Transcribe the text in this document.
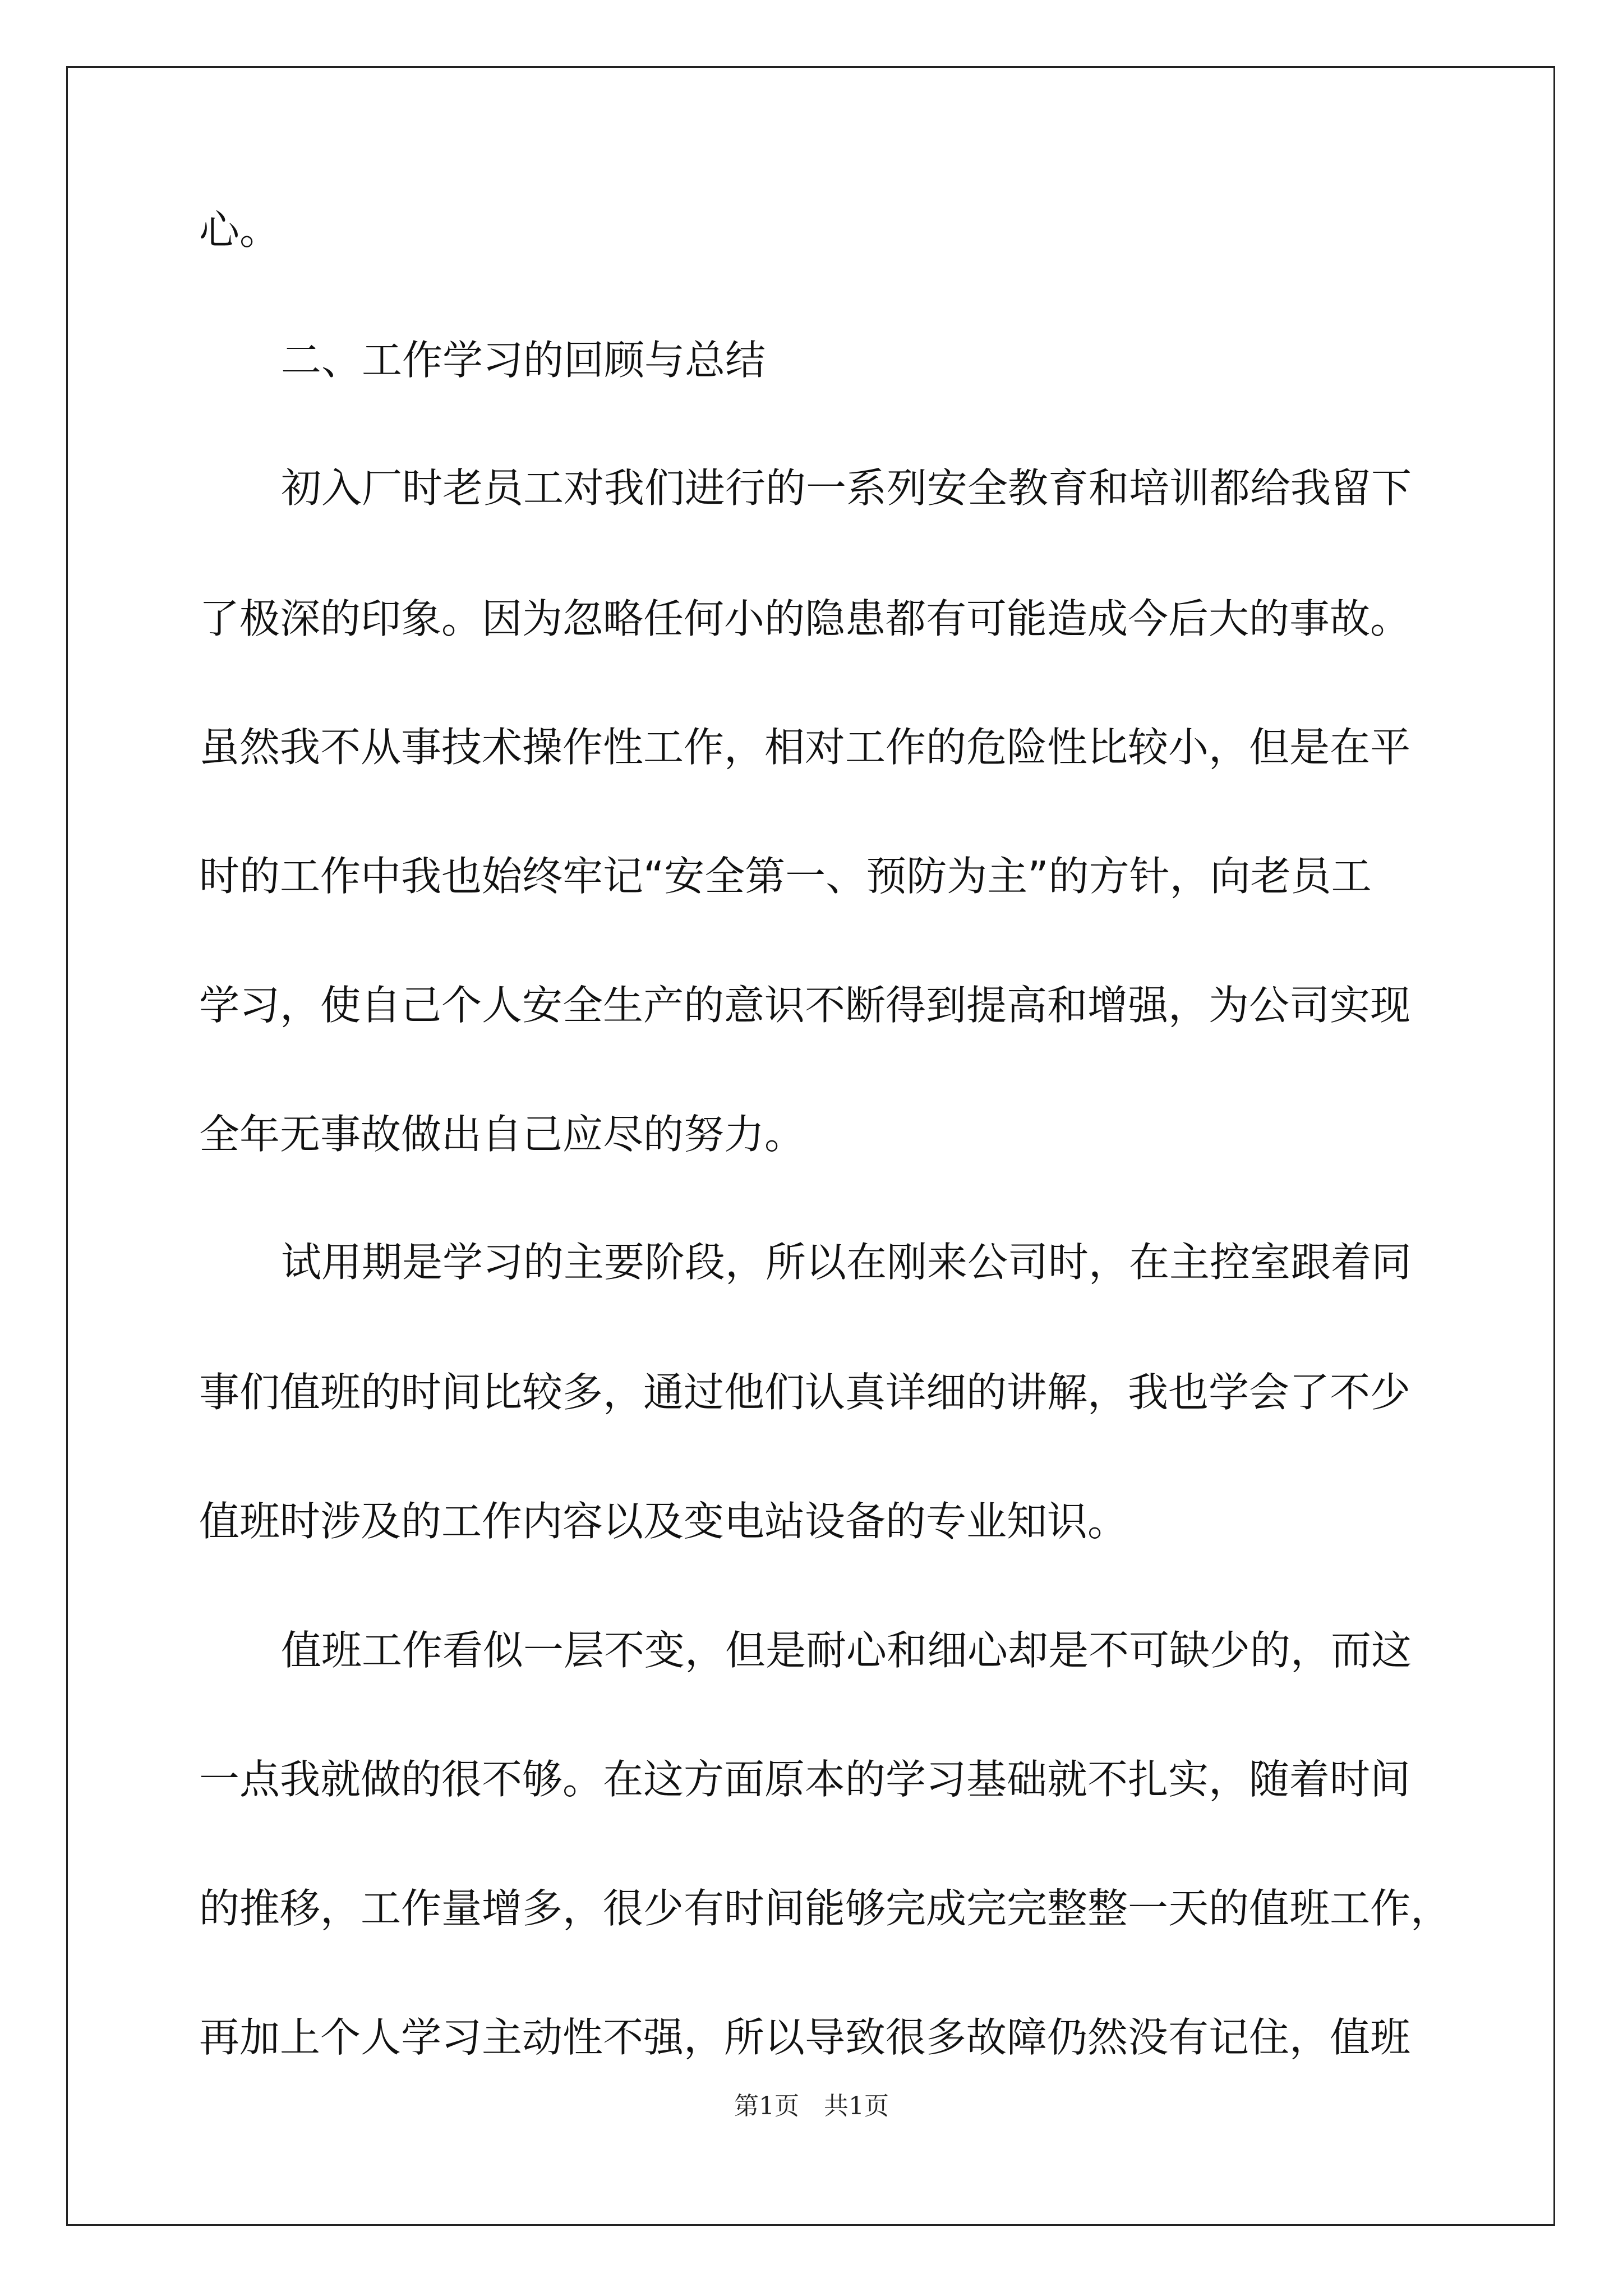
心。

二、工作学习的回顾与总结

初入厂时老员工对我们进行的一系列安全教育和培训都给我留下

了极深的印象。因为忽略任何小的隐患都有可能造成今后大的事故。

虽然我不从事技术操作性工作，相对工作的危险性比较小，但是在平

时的工作中我也始终牢记“安全第一、预防为主”的方针，向老员工

学习，使自己个人安全生产的意识不断得到提高和增强，为公司实现

全年无事故做出自己应尽的努力。

试用期是学习的主要阶段，所以在刚来公司时，在主控室跟着同

事们值班的时间比较多，通过他们认真详细的讲解，我也学会了不少

值班时涉及的工作内容以及变电站设备的专业知识。

值班工作看似一层不变，但是耐心和细心却是不可缺少的，而这

一点我就做的很不够。在这方面原本的学习基础就不扎实，随着时间

的推移，工作量增多，很少有时间能够完成完完整整一天的值班工作，

再加上个人学习主动性不强，所以导致很多故障仍然没有记住，值班

第1页　共1页
